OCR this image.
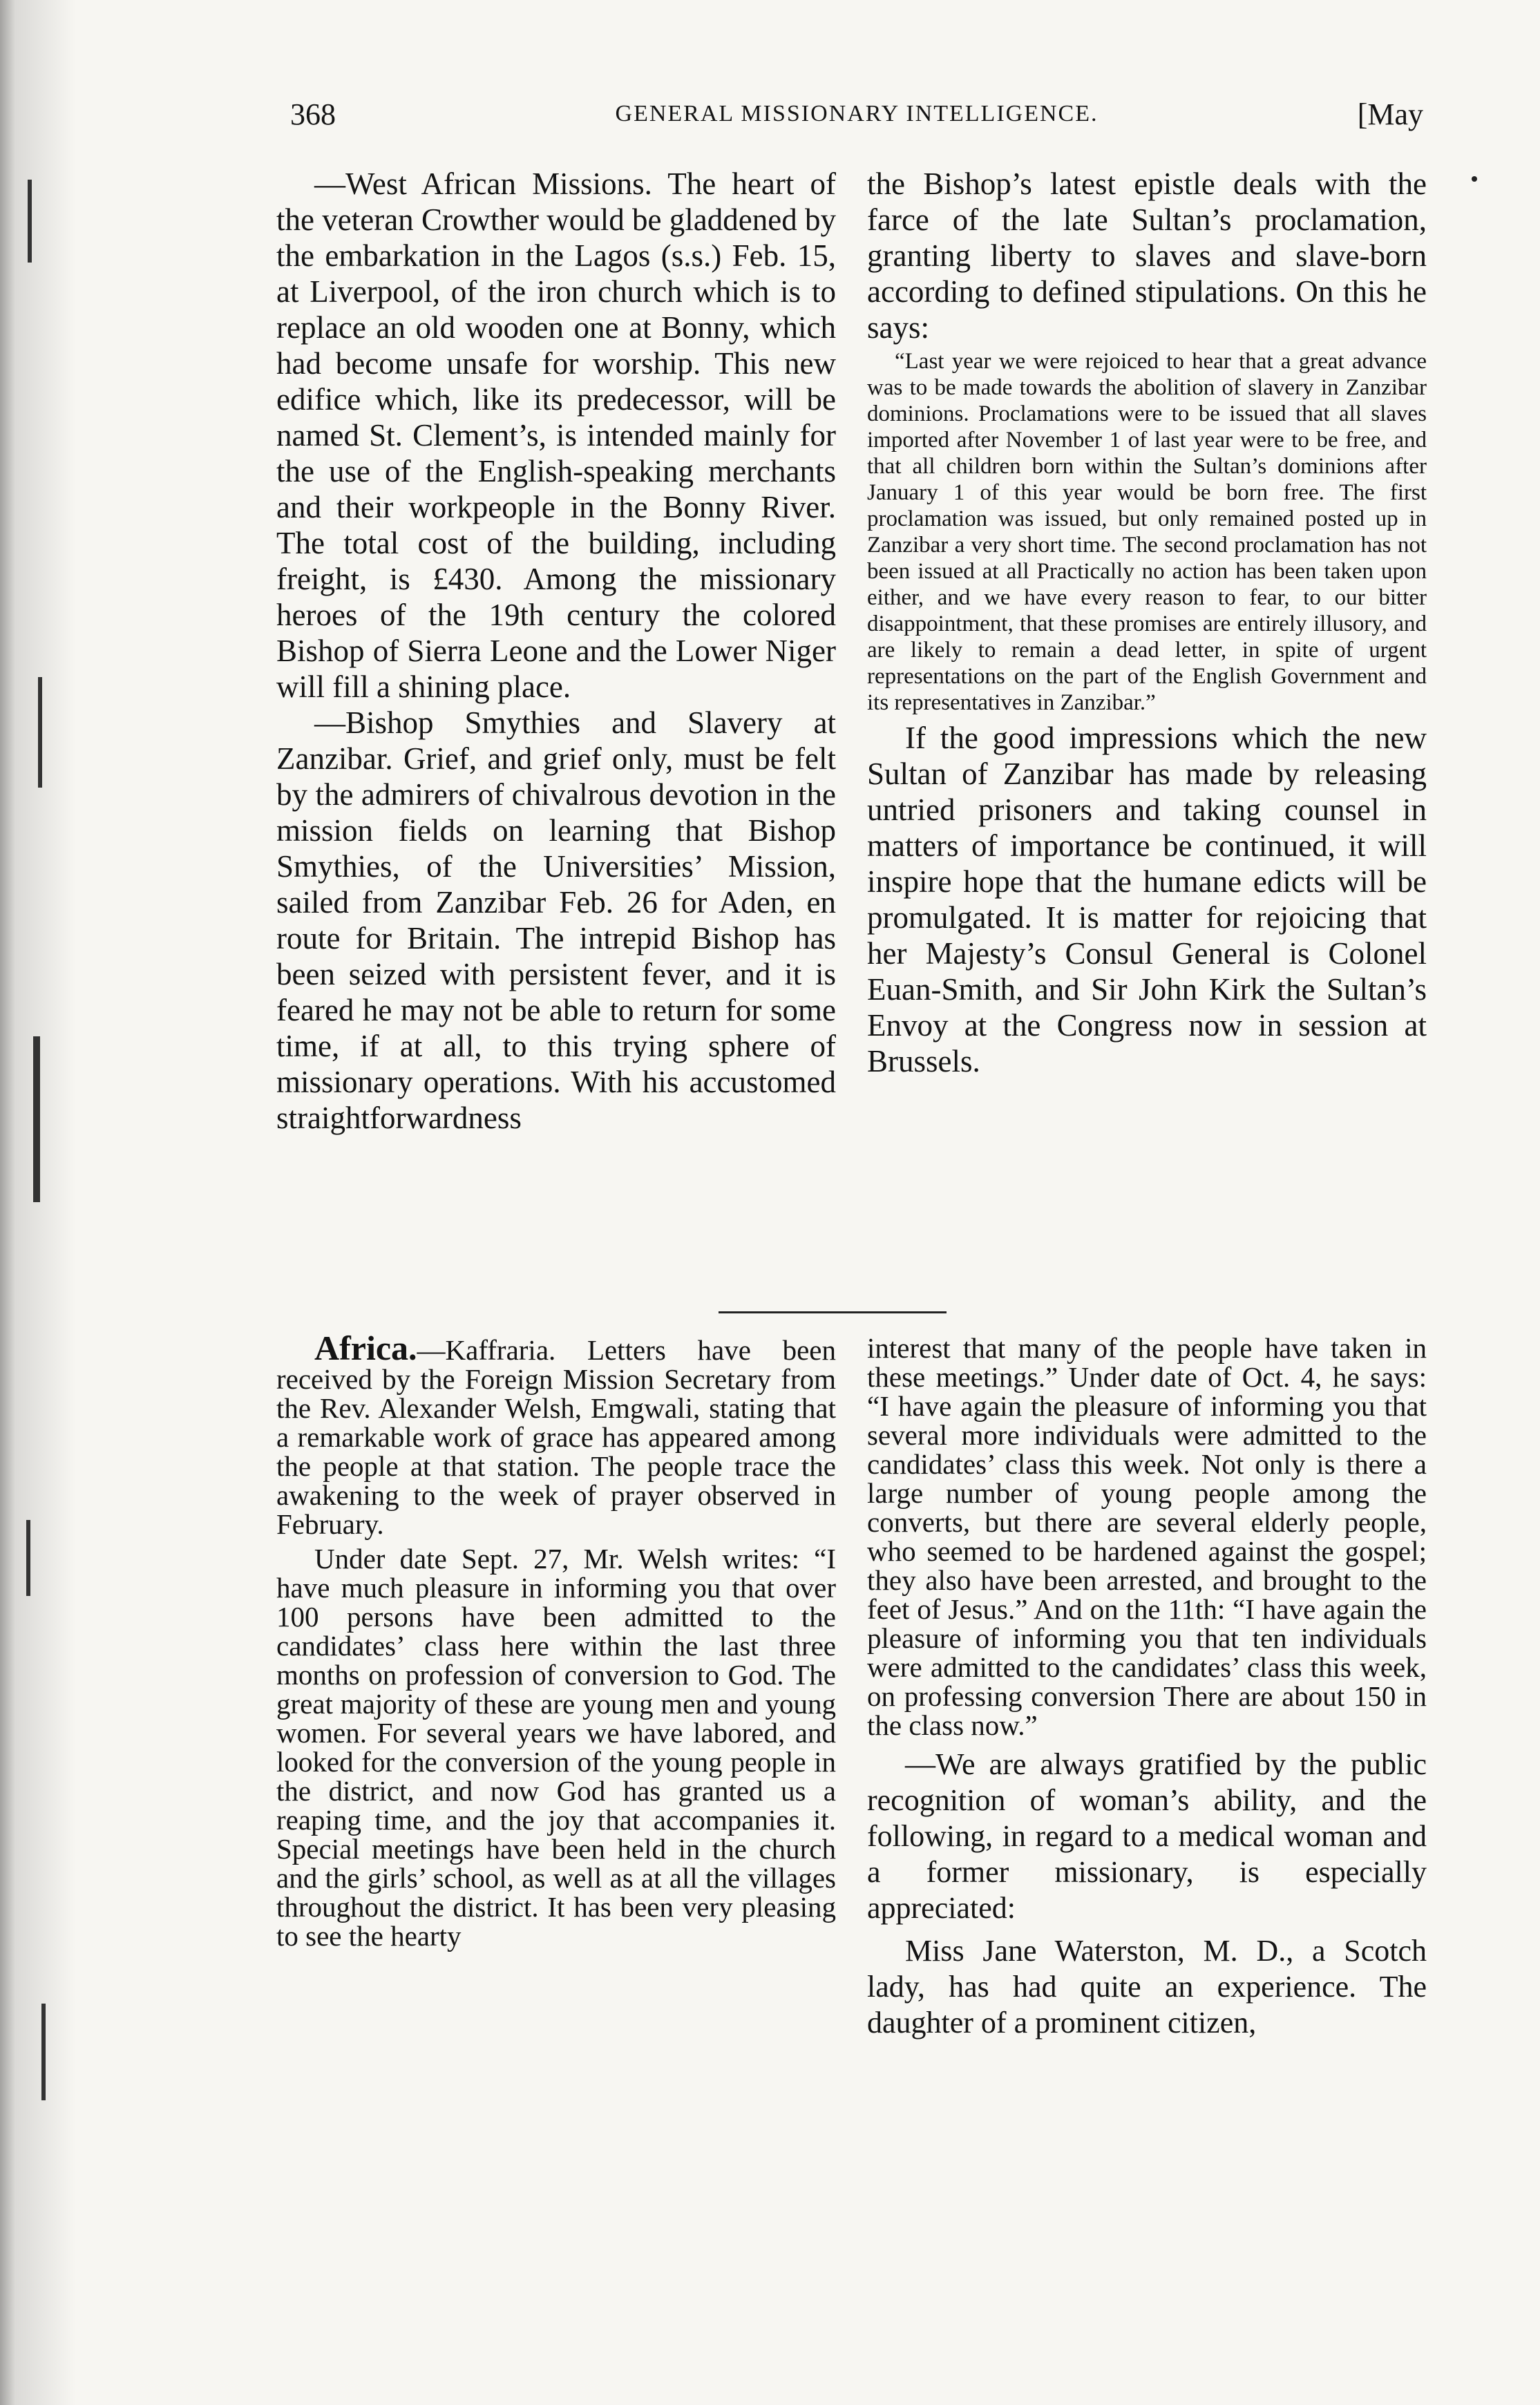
368	GENERAL MISSIONARY INTELLIGENCE.	[May

—West African Missions. The heart of the veteran Crowther would be gladdened by the embarkation in the Lagos (s.s.) Feb. 15, at Liverpool, of the iron church which is to replace an old wooden one at Bonny, which had become unsafe for worship. This new edifice which, like its predecessor, will be named St. Clement’s, is intended mainly for the use of the English-speaking merchants and their workpeople in the Bonny River. The total cost of the building, including freight, is £430. Among the missionary heroes of the 19th century the colored Bishop of Sierra Leone and the Lower Niger will fill a shining place.

—Bishop Smythies and Slavery at Zanzibar. Grief, and grief only, must be felt by the admirers of chivalrous devotion in the mission fields on learning that Bishop Smythies, of the Universities’ Mission, sailed from Zanzibar Feb. 26 for Aden, en route for Britain. The intrepid Bishop has been seized with persistent fever, and it is feared he may not be able to return for some time, if at all, to this trying sphere of missionary operations. With his accustomed straightforwardness

the Bishop’s latest epistle deals with the farce of the late Sultan’s proclamation, granting liberty to slaves and slave-born according to defined stipulations. On this he says:

“Last year we were rejoiced to hear that a great advance was to be made towards the abolition of slavery in Zanzibar dominions. Proclamations were to be issued that all slaves imported after November 1 of last year were to be free, and that all children born within the Sultan’s dominions after January 1 of this year would be born free. The first proclamation was issued, but only remained posted up in Zanzibar a very short time. The second proclamation has not been issued at all Practically no action has been taken upon either, and we have every reason to fear, to our bitter disappointment, that these promises are entirely illusory, and are likely to remain a dead letter, in spite of urgent representations on the part of the English Government and its representatives in Zanzibar.”

If the good impressions which the new Sultan of Zanzibar has made by releasing untried prisoners and taking counsel in matters of importance be continued, it will inspire hope that the humane edicts will be promulgated. It is matter for rejoicing that her Majesty’s Consul General is Colonel Euan-Smith, and Sir John Kirk the Sultan’s Envoy at the Congress now in session at Brussels.

Africa.—Kaffraria. Letters have been received by the Foreign Mission Secretary from the Rev. Alexander Welsh, Emgwali, stating that a remarkable work of grace has appeared among the people at that station. The people trace the awakening to the week of prayer observed in February.

Under date Sept. 27, Mr. Welsh writes: “I have much pleasure in informing you that over 100 persons have been admitted to the candidates’ class here within the last three months on profession of conversion to God. The great majority of these are young men and young women. For several years we have labored, and looked for the conversion of the young people in the district, and now God has granted us a reaping time, and the joy that accompanies it. Special meetings have been held in the church and the girls’ school, as well as at all the villages throughout the district. It has been very pleasing to see the hearty

interest that many of the people have taken in these meetings.” Under date of Oct. 4, he says: “I have again the pleasure of informing you that several more individuals were admitted to the candidates’ class this week. Not only is there a large number of young people among the converts, but there are several elderly people, who seemed to be hardened against the gospel; they also have been arrested, and brought to the feet of Jesus.” And on the 11th: “I have again the pleasure of informing you that ten individuals were admitted to the candidates’ class this week, on professing conversion There are about 150 in the class now.”

—We are always gratified by the public recognition of woman’s ability, and the following, in regard to a medical woman and a former missionary, is especially appreciated:

Miss Jane Waterston, M. D., a Scotch lady, has had quite an experience. The daughter of a prominent citizen,
